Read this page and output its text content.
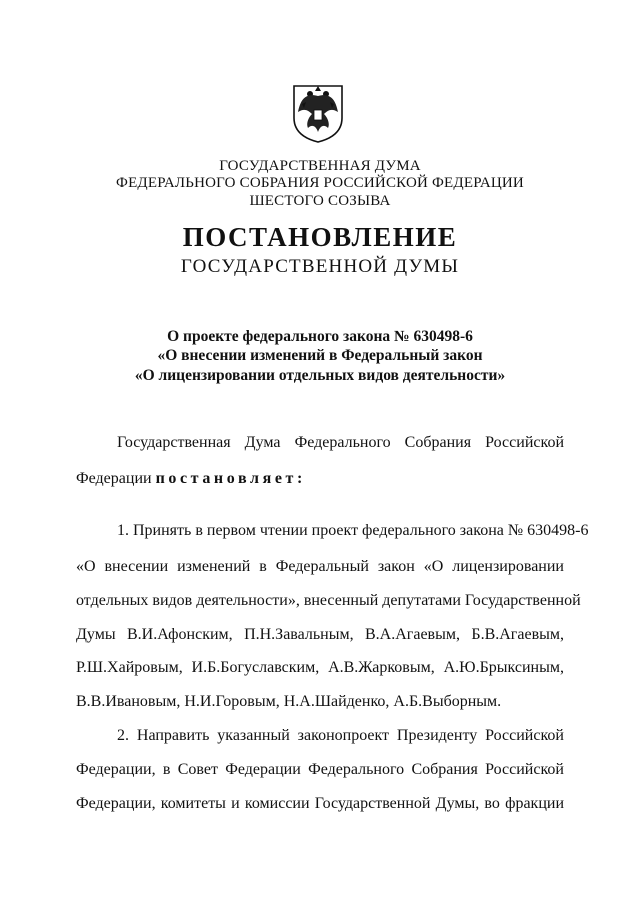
ГОСУДАРСТВЕННАЯ ДУМА
ФЕДЕРАЛЬНОГО СОБРАНИЯ РОССИЙСКОЙ ФЕДЕРАЦИИ
ШЕСТОГО СОЗЫВА
ПОСТАНОВЛЕНИЕ
ГОСУДАРСТВЕННОЙ ДУМЫ
О проекте федерального закона № 630498-6
«О внесении изменений в Федеральный закон
«О лицензировании отдельных видов деятельности»
Государственная Дума Федерального Собрания Российской
Федерации постановляет:
1. Принять в первом чтении проект федерального закона № 630498-6
«О внесении изменений в Федеральный закон «О лицензировании
отдельных видов деятельности», внесенный депутатами Государственной
Думы В.И.Афонским, П.Н.Завальным, В.А.Агаевым, Б.В.Агаевым,
Р.Ш.Хайровым, И.Б.Богуславским, А.В.Жарковым, А.Ю.Брыксиным,
В.В.Ивановым, Н.И.Горовым, Н.А.Шайденко, А.Б.Выборным.
2. Направить указанный законопроект Президенту Российской
Федерации, в Совет Федерации Федерального Собрания Российской
Федерации, комитеты и комиссии Государственной Думы, во фракции
